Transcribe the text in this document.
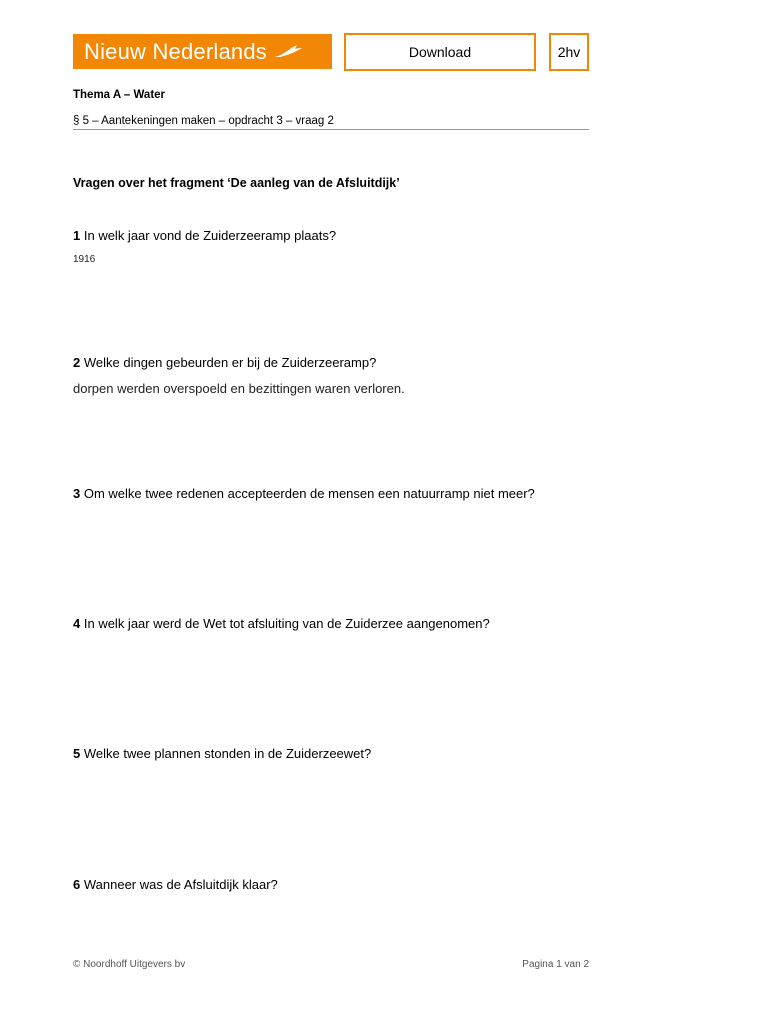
Nieuw Nederlands	Download	2hv
Thema A – Water
§ 5 – Aantekeningen maken – opdracht 3 – vraag 2
Vragen over het fragment ‘De aanleg van de Afsluitdijk’
1 In welk jaar vond de Zuiderzeeramp plaats?
1916
2 Welke dingen gebeurden er bij de Zuiderzeeramp?
dorpen werden overspoeld en bezittingen waren verloren.
3 Om welke twee redenen accepteerden de mensen een natuurramp niet meer?
4 In welk jaar werd de Wet tot afsluiting van de Zuiderzee aangenomen?
5 Welke twee plannen stonden in de Zuiderzeewet?
6 Wanneer was de Afsluitdijk klaar?
© Noordhoff Uitgevers bv	Pagina 1 van 2
